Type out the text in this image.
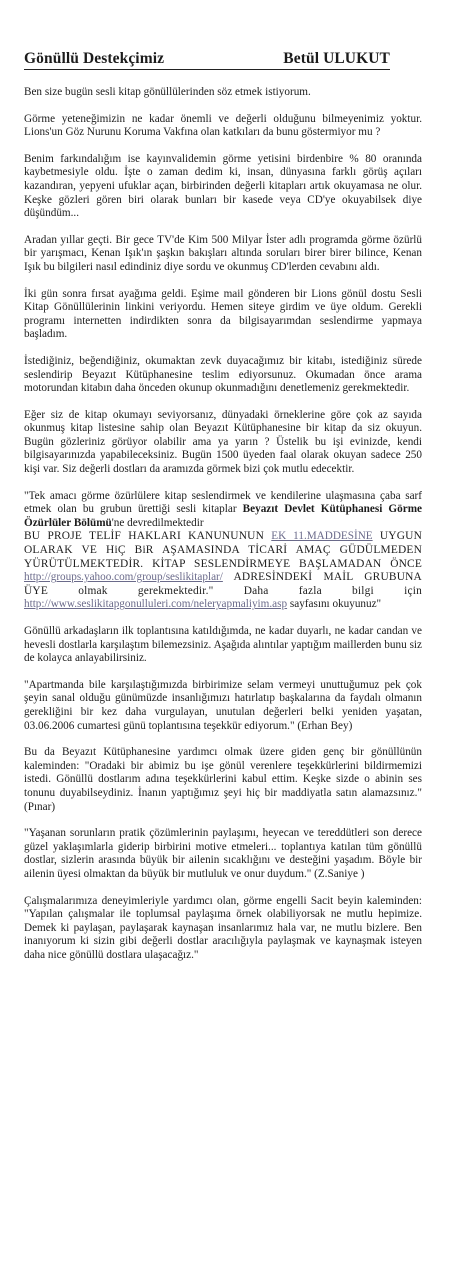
Gönüllü Destekçimiz	Betül ULUKUT

Ben size bugün sesli kitap gönüllülerinden söz etmek istiyorum.

Görme yeteneğimizin ne kadar önemli ve değerli olduğunu bilmeyenimiz yoktur. Lions'un Göz Nurunu Koruma Vakfına olan katkıları da bunu göstermiyor mu ?

Benim farkındalığım ise kayınvalidemin görme yetisini birdenbire % 80 oranında kaybetmesiyle oldu. İşte o zaman dedim ki, insan, dünyasına farklı görüş açıları kazandıran, yepyeni ufuklar açan, birbirinden değerli kitapları artık okuyamasa ne olur. Keşke gözleri gören biri olarak bunları bir kasede veya CD'ye okuyabilsek diye düşündüm...

Aradan yıllar geçti. Bir gece TV'de Kim 500 Milyar İster adlı programda görme özürlü bir yarışmacı, Kenan Işık'ın şaşkın bakışları altında soruları birer birer bilince, Kenan Işık bu bilgileri nasıl edindiniz diye sordu ve okunmuş CD'lerden cevabını aldı.

İki gün sonra fırsat ayağıma geldi. Eşime mail gönderen bir Lions gönül dostu Sesli Kitap Gönüllülerinin linkini veriyordu. Hemen siteye girdim ve üye oldum. Gerekli programı internetten indirdikten sonra da bilgisayarımdan seslendirme yapmaya başladım.

İstediğiniz, beğendiğiniz, okumaktan zevk duyacağımız bir kitabı, istediğiniz sürede seslendirip Beyazıt Kütüphanesine teslim ediyorsunuz. Okumadan önce arama motorundan kitabın daha önceden okunup okunmadığını denetlemeniz gerekmektedir.

Eğer siz de kitap okumayı seviyorsanız, dünyadaki örneklerine göre çok az sayıda okunmuş kitap listesine sahip olan Beyazıt Kütüphanesine bir kitap da siz okuyun. Bugün gözleriniz görüyor olabilir ama ya yarın ? Üstelik bu işi evinizde, kendi bilgisayarınızda yapabileceksiniz. Bugün 1500 üyeden faal olarak okuyan sadece 250 kişi var. Siz değerli dostları da aramızda görmek bizi çok mutlu edecektir.

"Tek amacı görme özürlülere kitap seslendirmek ve kendilerine ulaşmasına çaba sarf etmek olan bu grubun ürettiği sesli kitaplar Beyazıt Devlet Kütüphanesi Görme Özürlüler Bölümü'ne devredilmektedir
BU PROJE TELİF HAKLARI KANUNUNUN EK 11.MADDESİNE UYGUN OLARAK VE HiÇ BiR AŞAMASINDA TİCARİ AMAÇ GÜDÜLMEDEN YÜRÜTÜLMEKTEDİR. KİTAP SESLENDİRMEYE BAŞLAMADAN ÖNCE http://groups.yahoo.com/group/seslikitaplar/ ADRESİNDEKİ MAİL GRUBUNA ÜYE olmak gerekmektedir." Daha fazla bilgi için http://www.seslikitapgonulluleri.com/neleryapmaliyim.asp sayfasını okuyunuz"

Gönüllü arkadaşların ilk toplantısına katıldığımda, ne kadar duyarlı, ne kadar candan ve hevesli dostlarla karşılaştım bilemezsiniz. Aşağıda alıntılar yaptığım maillerden bunu siz de kolayca anlayabilirsiniz.

"Apartmanda bile karşılaştığımızda birbirimize selam vermeyi unuttuğumuz pek çok şeyin sanal olduğu günümüzde insanlığımızı hatırlatıp başkalarına da faydalı olmanın gerekliğini bir kez daha vurgulayan, unutulan değerleri belki yeniden yaşatan, 03.06.2006 cumartesi günü toplantısına teşekkür ediyorum." (Erhan Bey)

Bu da Beyazıt Kütüphanesine yardımcı olmak üzere giden genç bir gönüllünün kaleminden: "Oradaki bir abimiz bu işe gönül verenlere teşekkürlerini bildirmemizi istedi. Gönüllü dostlarım adına teşekkürlerini kabul ettim. Keşke sizde o abinin ses tonunu duyabilseydiniz. İnanın yaptığımız şeyi hiç bir maddiyatla satın alamazsınız." (Pınar)

"Yaşanan sorunların pratik çözümlerinin paylaşımı, heyecan ve tereddütleri son derece güzel yaklaşımlarla giderip birbirini motive etmeleri... toplantıya katılan tüm gönüllü dostlar, sizlerin arasında büyük bir ailenin sıcaklığını ve desteğini yaşadım. Böyle bir ailenin üyesi olmaktan da büyük bir mutluluk ve onur duydum." (Z.Saniye )

Çalışmalarımıza deneyimleriyle yardımcı olan, görme engelli Sacit beyin kaleminden: "Yapılan çalışmalar ile toplumsal paylaşıma örnek olabiliyorsak ne mutlu hepimize. Demek ki paylaşan, paylaşarak kaynaşan insanlarımız hala var, ne mutlu bizlere. Ben inanıyorum ki sizin gibi değerli dostlar aracılığıyla paylaşmak ve kaynaşmak isteyen daha nice gönüllü dostlara ulaşacağız."
